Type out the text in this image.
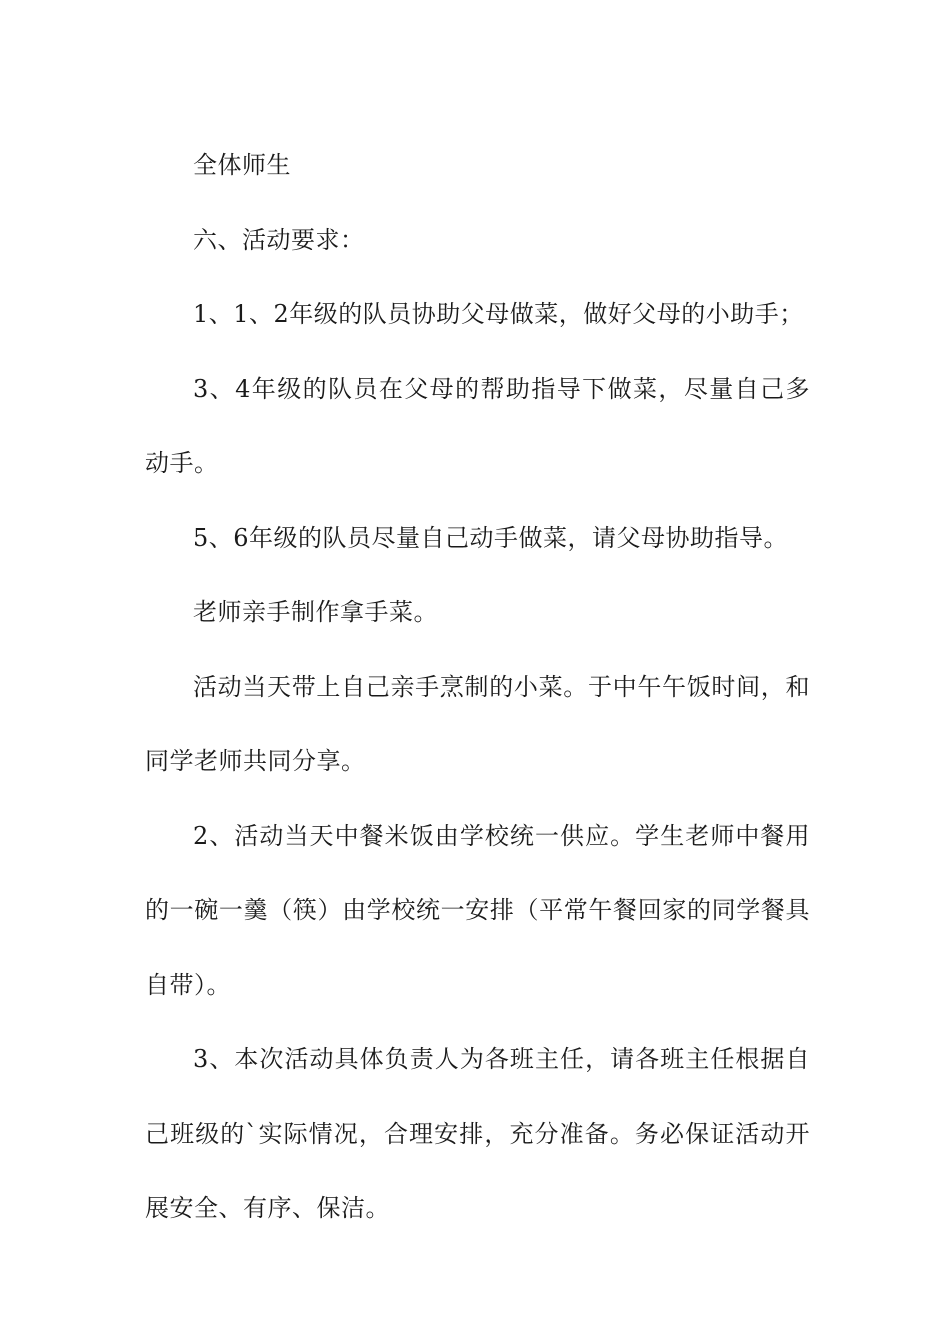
全体师生

六、活动要求：

1、1、2年级的队员协助父母做菜，做好父母的小助手；

3、4年级的队员在父母的帮助指导下做菜，尽量自己多动手。

5、6年级的队员尽量自己动手做菜，请父母协助指导。

老师亲手制作拿手菜。

活动当天带上自己亲手烹制的小菜。于中午午饭时间，和同学老师共同分享。

2、活动当天中餐米饭由学校统一供应。学生老师中餐用的一碗一羹（筷）由学校统一安排（平常午餐回家的同学餐具自带）。

3、本次活动具体负责人为各班主任，请各班主任根据自己班级的`实际情况，合理安排，充分准备。务必保证活动开展安全、有序、保洁。
